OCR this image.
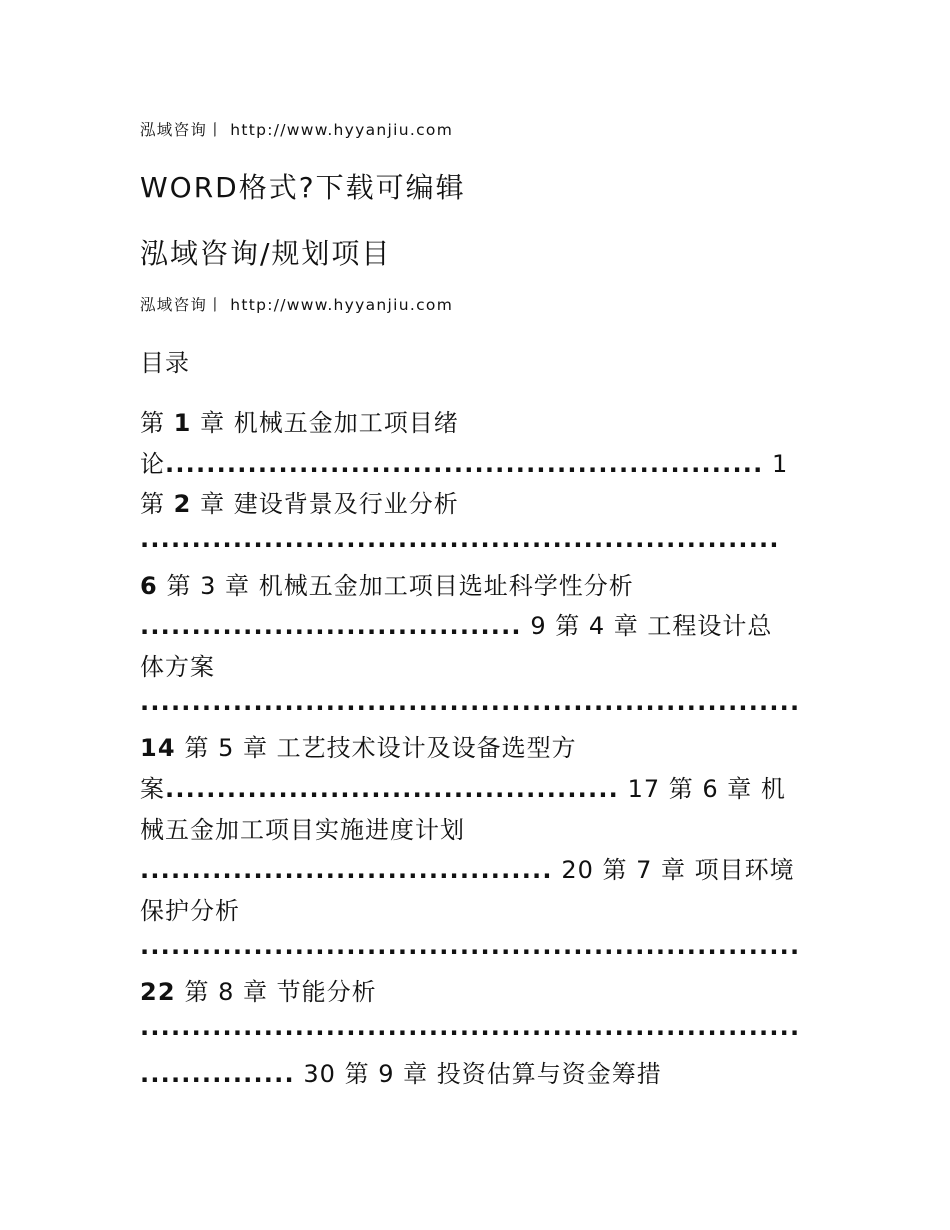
泓域咨询丨 http://www.hyyanjiu.com
WORD格式?下载可编辑
泓域咨询/规划项目
泓域咨询丨 http://www.hyyanjiu.com
目录
第 1 章 机械五金加工项目绪
论.......................................................... 1
第 2 章 建设背景及行业分析
..............................................................
6 第 3 章 机械五金加工项目选址科学性分析
..................................... 9 第 4 章 工程设计总
体方案
................................................................
14 第 5 章 工艺技术设计及设备选型方
案............................................ 17 第 6 章 机
械五金加工项目实施进度计划
........................................ 20 第 7 章 项目环境
保护分析
................................................................
22 第 8 章 节能分析
................................................................
............... 30 第 9 章 投资估算与资金筹措
